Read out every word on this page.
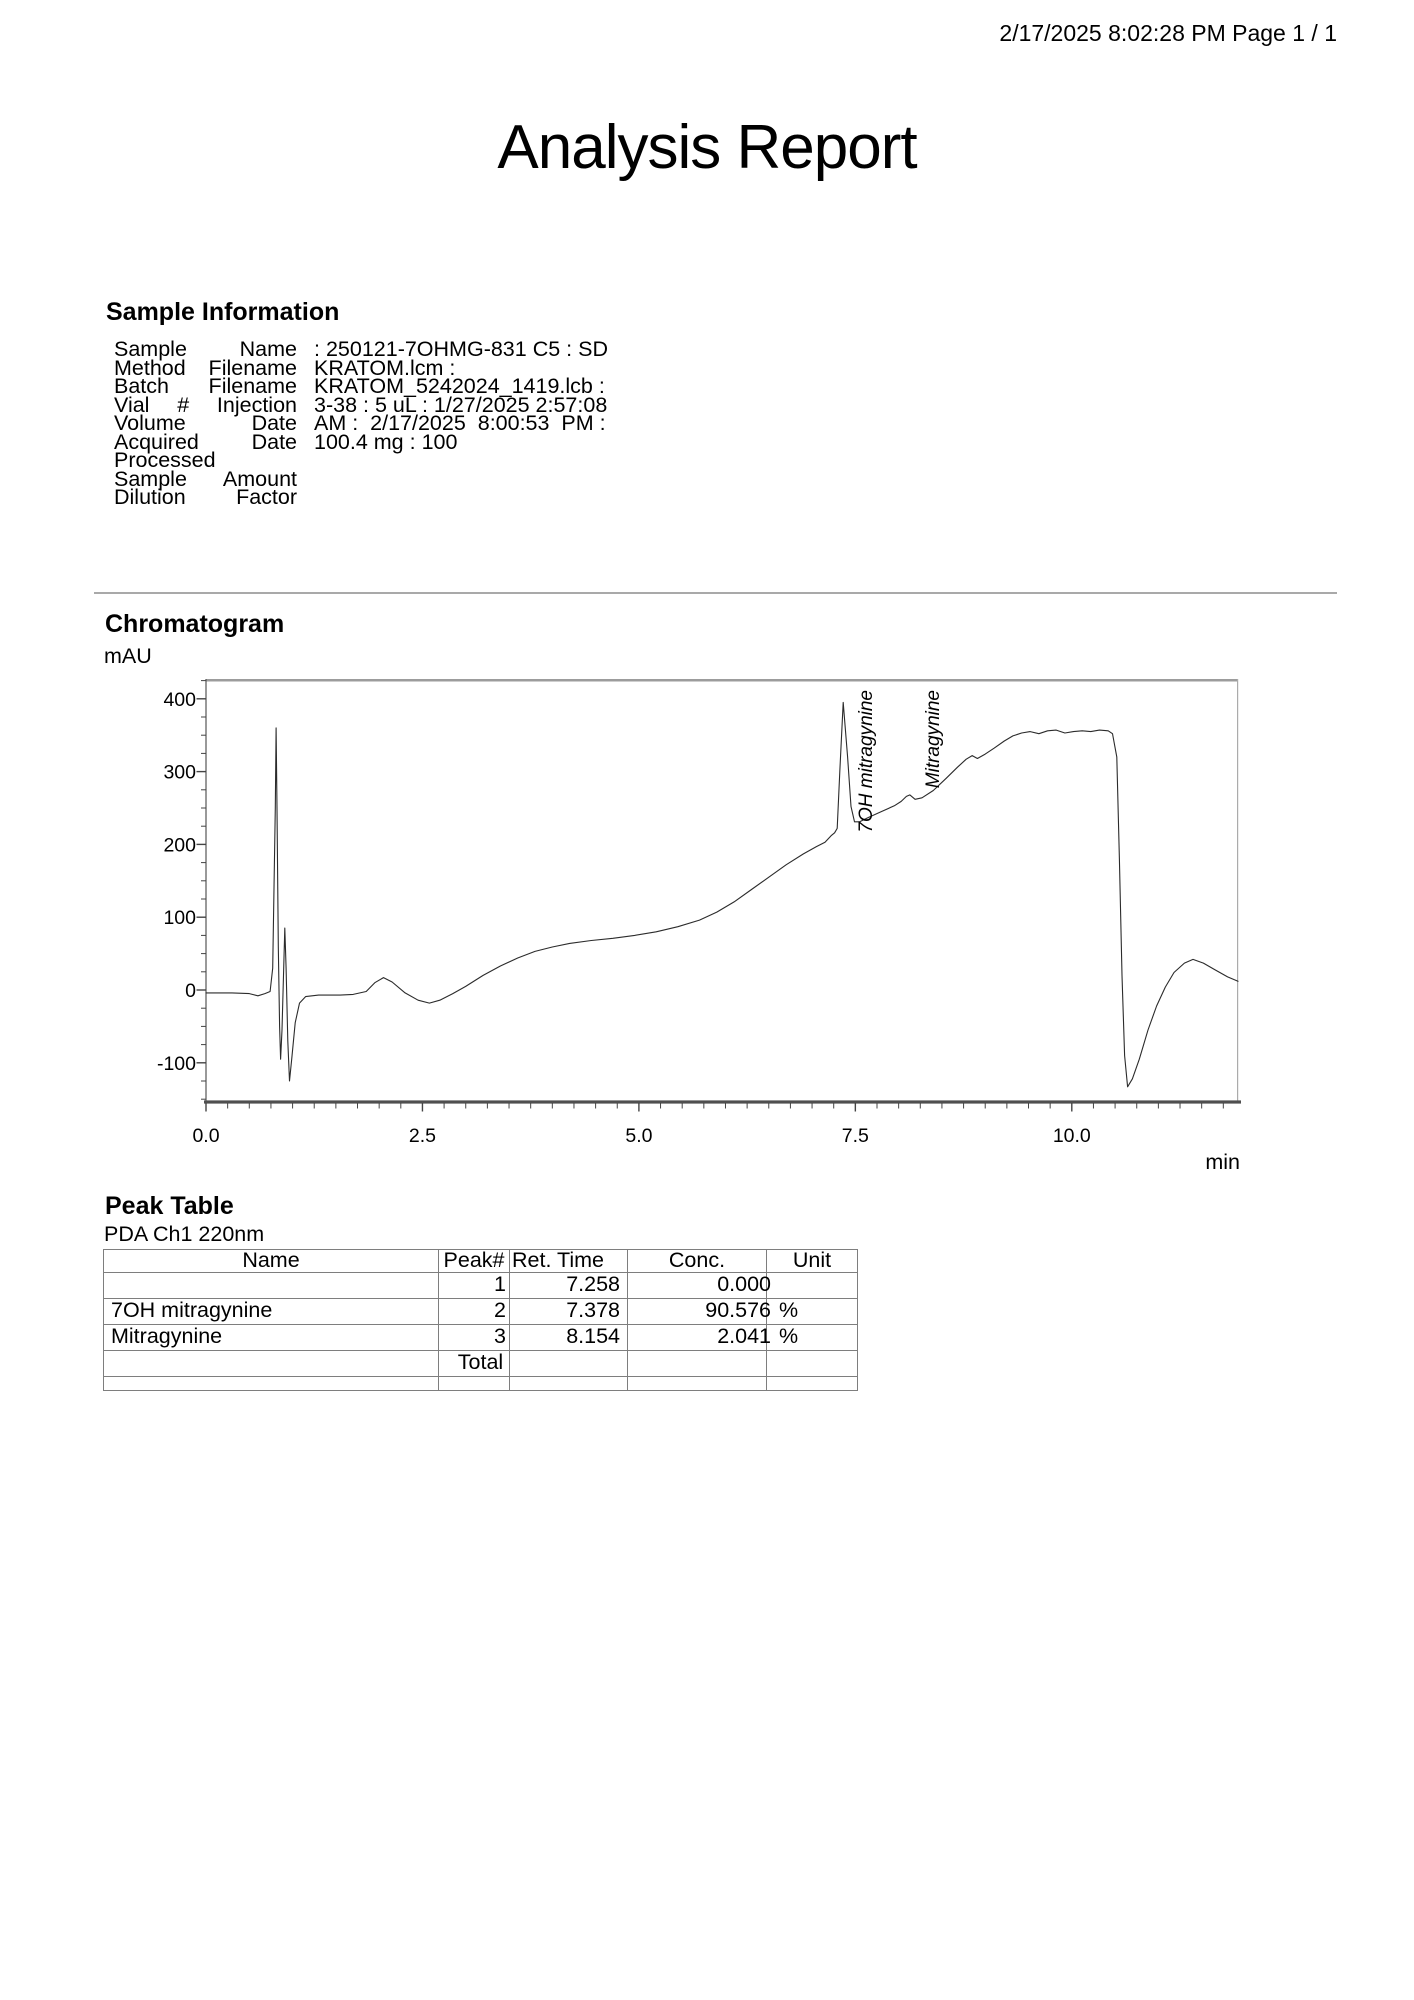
2/17/2025 8:02:28 PM Page 1 / 1
Analysis Report
Sample Information
Sample Name : 250121-7OHMG-831 C5 : SD
Method Filename KRATOM.lcm :
Batch Filename KRATOM_5242024_1419.lcb :
Vial # Injection 3-38 : 5 uL : 1/27/2025 2:57:08
Volume Date AM :  2/17/2025  8:00:53  PM :
Acquired Date 100.4 mg : 100
Processed
Sample Amount
Dilution Factor
Chromatogram
mAU
400
300
200
100
0
-100
0.0	2.5	5.0	7.5	10.0
7OH mitragynine Mitragynine
min
Peak Table
PDA Ch1 220nm
Name	Peak#	Ret. Time	Conc.	Unit
	1	7.258	0.000	
7OH mitragynine	2	7.378	90.576	%
Mitragynine	3	8.154	2.041	%
	Total			
